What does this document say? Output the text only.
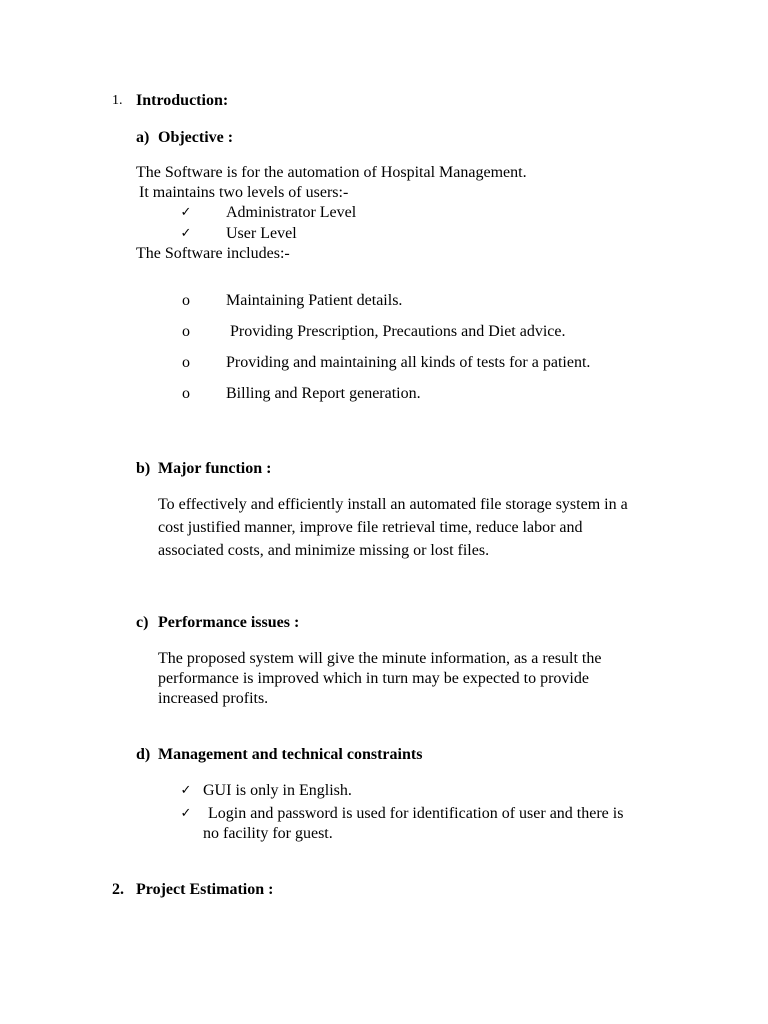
1. Introduction:
a) Objective :
The Software is for the automation of Hospital Management.
It maintains two levels of users:-
✓ Administrator Level
✓ User Level
The Software includes:-
o	Maintaining Patient details.
o	Providing Prescription, Precautions and Diet advice.
o	Providing and maintaining all kinds of tests for a patient.
o	Billing and Report generation.
b) Major function :
To effectively and efficiently install an automated file storage system in a
cost justified manner, improve file retrieval time, reduce labor and
associated costs, and minimize missing or lost files.
c) Performance issues :
The proposed system will give the minute information, as a result the
performance is improved which in turn may be expected to provide
increased profits.
d) Management and technical constraints
✓ GUI is only in English.
✓ Login and password is used for identification of user and there is
no facility for guest.
2. Project Estimation :
